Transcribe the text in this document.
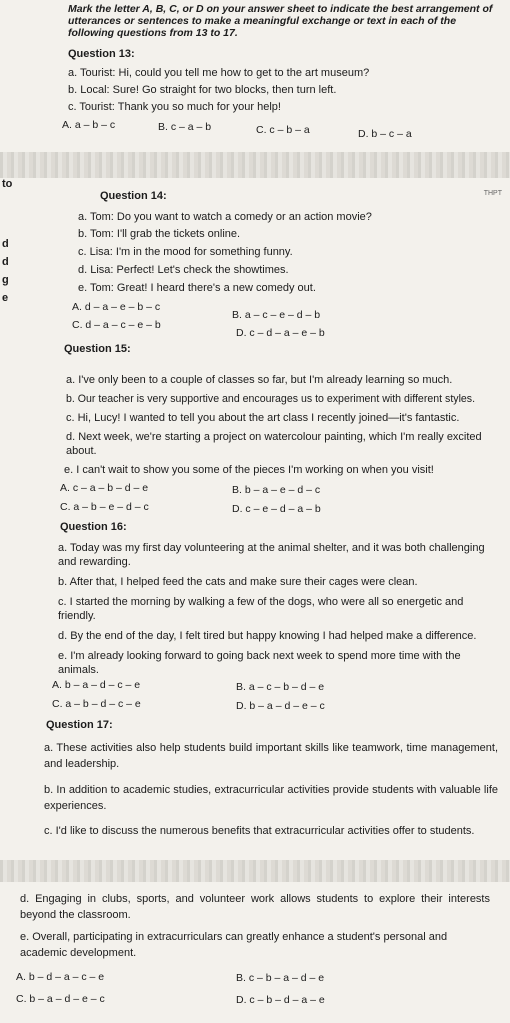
to
d
d
g
e
THPT
Mark the letter A, B, C, or D on your answer sheet to indicate the best arrangement of utterances or sentences to make a meaningful exchange or text in each of the following questions from 13 to 17.
Question 13:
a. Tourist: Hi, could you tell me how to get to the art museum?
b. Local: Sure! Go straight for two blocks, then turn left.
c. Tourist: Thank you so much for your help!
A. a – b – c	B. c – a – b	C. c – b – a	D. b – c – a
Question 14:
a. Tom: Do you want to watch a comedy or an action movie?
b. Tom: I'll grab the tickets online.
c. Lisa: I'm in the mood for something funny.
d. Lisa: Perfect! Let's check the showtimes.
e. Tom: Great! I heard there's a new comedy out.
A. d – a – e – b – c
B. a – c – e – d – b
C. d – a – c – e – b
D. c – d – a – e – b
Question 15:
a. I've only been to a couple of classes so far, but I'm already learning so much.
b. Our teacher is very supportive and encourages us to experiment with different styles.
c. Hi, Lucy! I wanted to tell you about the art class I recently joined—it's fantastic.
d. Next week, we're starting a project on watercolour painting, which I'm really excited about.
e. I can't wait to show you some of the pieces I'm working on when you visit!
A. c – a – b – d – e	B. b – a – e – d – c
C. a – b – e – d – c	D. c – e – d – a – b
Question 16:
a. Today was my first day volunteering at the animal shelter, and it was both challenging and rewarding.
b. After that, I helped feed the cats and make sure their cages were clean.
c. I started the morning by walking a few of the dogs, who were all so energetic and friendly.
d. By the end of the day, I felt tired but happy knowing I had helped make a difference.
e. I'm already looking forward to going back next week to spend more time with the animals.
A. b – a – d – c – e	B. a – c – b – d – e
C. a – b – d – c – e	D. b – a – d – e – c
Question 17:
a. These activities also help students build important skills like teamwork, time management, and leadership.
b. In addition to academic studies, extracurricular activities provide students with valuable life experiences.
c. I'd like to discuss the numerous benefits that extracurricular activities offer to students.
d. Engaging in clubs, sports, and volunteer work allows students to explore their interests beyond the classroom.
e. Overall, participating in extracurriculars can greatly enhance a student's personal and academic development.
A. b – d – a – c – e	B. c – b – a – d – e
C. b – a – d – e – c	D. c – b – d – a – e
